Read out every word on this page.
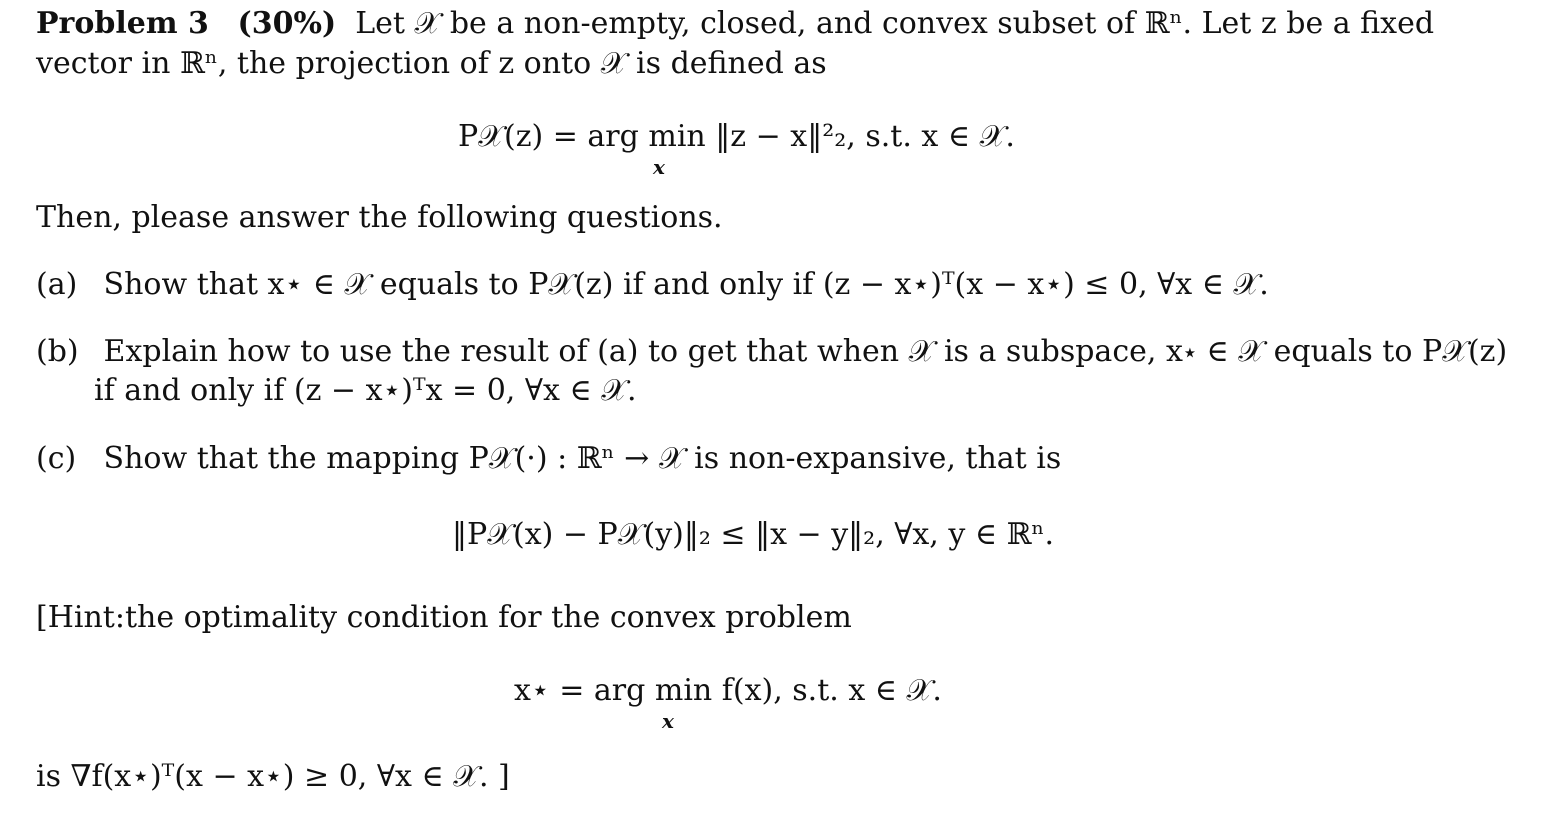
Problem 3 (30%) Let 𝒳 be a non-empty, closed, and convex subset of ℝⁿ. Let z be a fixed
vector in ℝⁿ, the projection of z onto 𝒳 is defined as
P𝒳(z) = arg min ‖z − x‖²₂, s.t. x ∈ 𝒳.
x
Then, please answer the following questions.
(a) Show that x⋆ ∈ 𝒳 equals to P𝒳(z) if and only if (z − x⋆)ᵀ(x − x⋆) ≤ 0, ∀x ∈ 𝒳.
(b) Explain how to use the result of (a) to get that when 𝒳 is a subspace, x⋆ ∈ 𝒳 equals to P𝒳(z)
if and only if (z − x⋆)ᵀx = 0, ∀x ∈ 𝒳.
(c) Show that the mapping P𝒳(·) : ℝⁿ → 𝒳 is non-expansive, that is
‖P𝒳(x) − P𝒳(y)‖₂ ≤ ‖x − y‖₂, ∀x, y ∈ ℝⁿ.
[Hint:the optimality condition for the convex problem
x⋆ = arg min f(x), s.t. x ∈ 𝒳.
x
is ∇f(x⋆)ᵀ(x − x⋆) ≥ 0, ∀x ∈ 𝒳. ]
